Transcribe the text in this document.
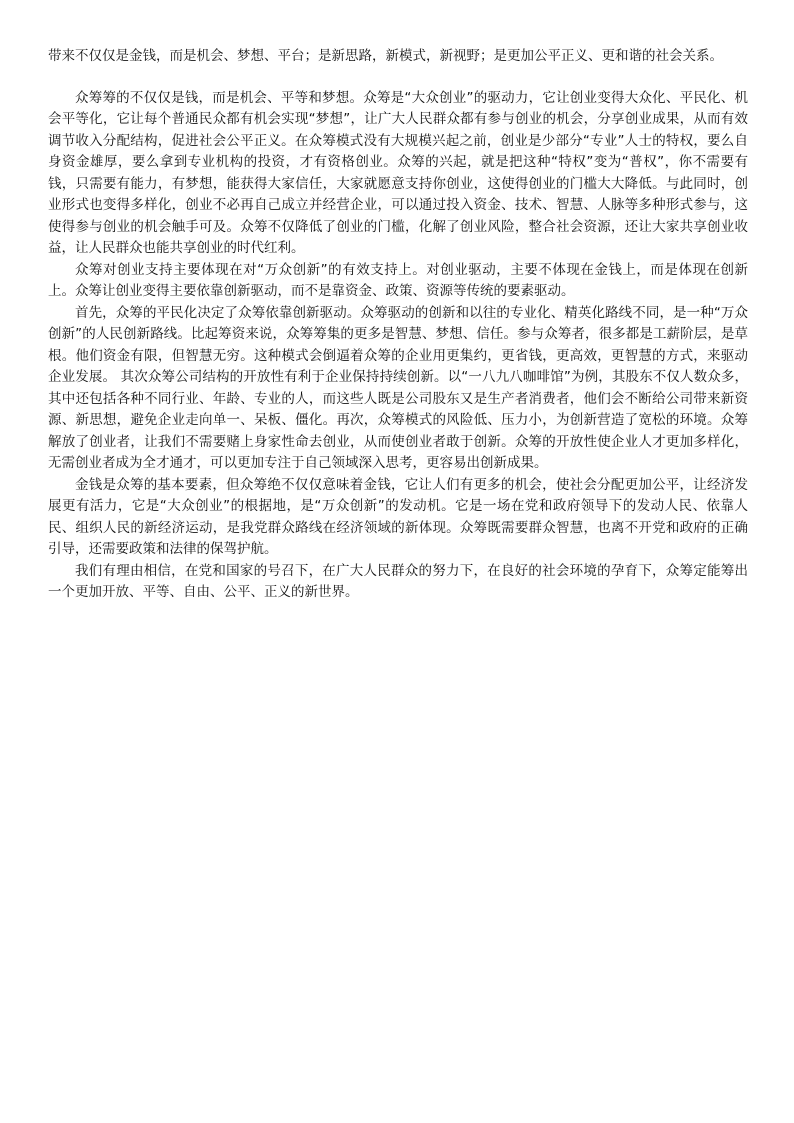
带来不仅仅是金钱，而是机会、梦想、平台；是新思路，新模式，新视野；是更加公平正义、更和谐的社会关系。

众筹筹的不仅仅是钱，而是机会、平等和梦想。众筹是“大众创业”的驱动力，它让创业变得大众化、平民化、机会平等化，它让每个普通民众都有机会实现“梦想”，让广大人民群众都有参与创业的机会，分享创业成果，从而有效调节收入分配结构，促进社会公平正义。在众筹模式没有大规模兴起之前，创业是少部分“专业”人士的特权，要么自身资金雄厚，要么拿到专业机构的投资，才有资格创业。众筹的兴起，就是把这种“特权”变为“普权”，你不需要有钱，只需要有能力，有梦想，能获得大家信任，大家就愿意支持你创业，这使得创业的门槛大大降低。与此同时，创业形式也变得多样化，创业不必再自己成立并经营企业，可以通过投入资金、技术、智慧、人脉等多种形式参与，这使得参与创业的机会触手可及。众筹不仅降低了创业的门槛，化解了创业风险，整合社会资源，还让大家共享创业收益，让人民群众也能共享创业的时代红利。

众筹对创业支持主要体现在对“万众创新”的有效支持上。对创业驱动，主要不体现在金钱上，而是体现在创新上。众筹让创业变得主要依靠创新驱动，而不是靠资金、政策、资源等传统的要素驱动。

首先，众筹的平民化决定了众筹依靠创新驱动。众筹驱动的创新和以往的专业化、精英化路线不同，是一种“万众创新”的人民创新路线。比起筹资来说，众筹筹集的更多是智慧、梦想、信任。参与众筹者，很多都是工薪阶层，是草根。他们资金有限，但智慧无穷。这种模式会倒逼着众筹的企业用更集约，更省钱，更高效，更智慧的方式，来驱动企业发展。 其次众筹公司结构的开放性有利于企业保持持续创新。以“一八九八咖啡馆”为例，其股东不仅人数众多，其中还包括各种不同行业、年龄、专业的人，而这些人既是公司股东又是生产者消费者，他们会不断给公司带来新资源、新思想，避免企业走向单一、呆板、僵化。再次，众筹模式的风险低、压力小，为创新营造了宽松的环境。众筹解放了创业者，让我们不需要赌上身家性命去创业，从而使创业者敢于创新。众筹的开放性使企业人才更加多样化，无需创业者成为全才通才，可以更加专注于自己领域深入思考，更容易出创新成果。

金钱是众筹的基本要素，但众筹绝不仅仅意味着金钱，它让人们有更多的机会，使社会分配更加公平，让经济发展更有活力，它是“大众创业”的根据地，是“万众创新”的发动机。它是一场在党和政府领导下的发动人民、依靠人民、组织人民的新经济运动，是我党群众路线在经济领域的新体现。众筹既需要群众智慧，也离不开党和政府的正确引导，还需要政策和法律的保驾护航。

我们有理由相信，在党和国家的号召下，在广大人民群众的努力下，在良好的社会环境的孕育下，众筹定能筹出一个更加开放、平等、自由、公平、正义的新世界。
